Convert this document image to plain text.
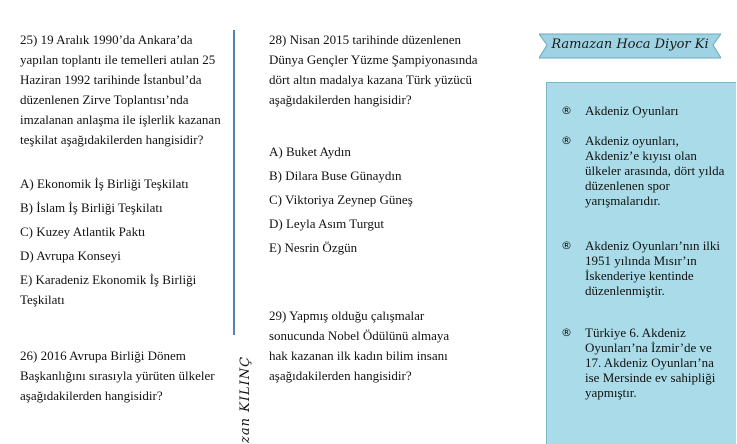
25) 19 Aralık 1990’da Ankara’da yapılan toplantı ile temelleri atılan 25 Haziran 1992 tarihinde İstanbul’da düzenlenen Zirve Toplantısı’nda imzalanan anlaşma ile işlerlik kazanan teşkilat aşağıdakilerden hangisidir?

A) Ekonomik İş Birliği Teşkilatı

B) İslam İş Birliği Teşkilatı

C) Kuzey Atlantik Paktı

D) Avrupa Konseyi

E) Karadeniz Ekonomik İş Birliği Teşkilatı

26) 2016 Avrupa Birliği Dönem Başkanlığını sırasıyla yürüten ülkeler aşağıdakilerden hangisidir?	zan KILINÇ

28) Nisan 2015 tarihinde düzenlenen Dünya Gençler Yüzme Şampiyonasında dört altın madalya kazana Türk yüzücü aşağıdakilerden hangisidir?

A) Buket Aydın

B) Dilara Buse Günaydın

C) Viktoriya Zeynep Güneş

D) Leyla Asım Turgut

E) Nesrin Özgün

29) Yapmış olduğu çalışmalar sonucunda Nobel Ödülünü almaya hak kazanan ilk kadın bilim insanı aşağıdakilerden hangisidir?

Ramazan Hoca Diyor Ki
®	Akdeniz Oyunları

®	Akdeniz oyunları, Akdeniz’e kıyısı olan ülkeler arasında, dört yılda düzenlenen spor yarışmalarıdır.

®	Akdeniz Oyunları’nın ilki 1951 yılında Mısır’ın İskenderiye kentinde düzenlenmiştir.

®	Türkiye 6. Akdeniz Oyunları’na İzmir’de ve 17. Akdeniz Oyunları’na ise Mersinde ev sahipliği yapmıştır.
